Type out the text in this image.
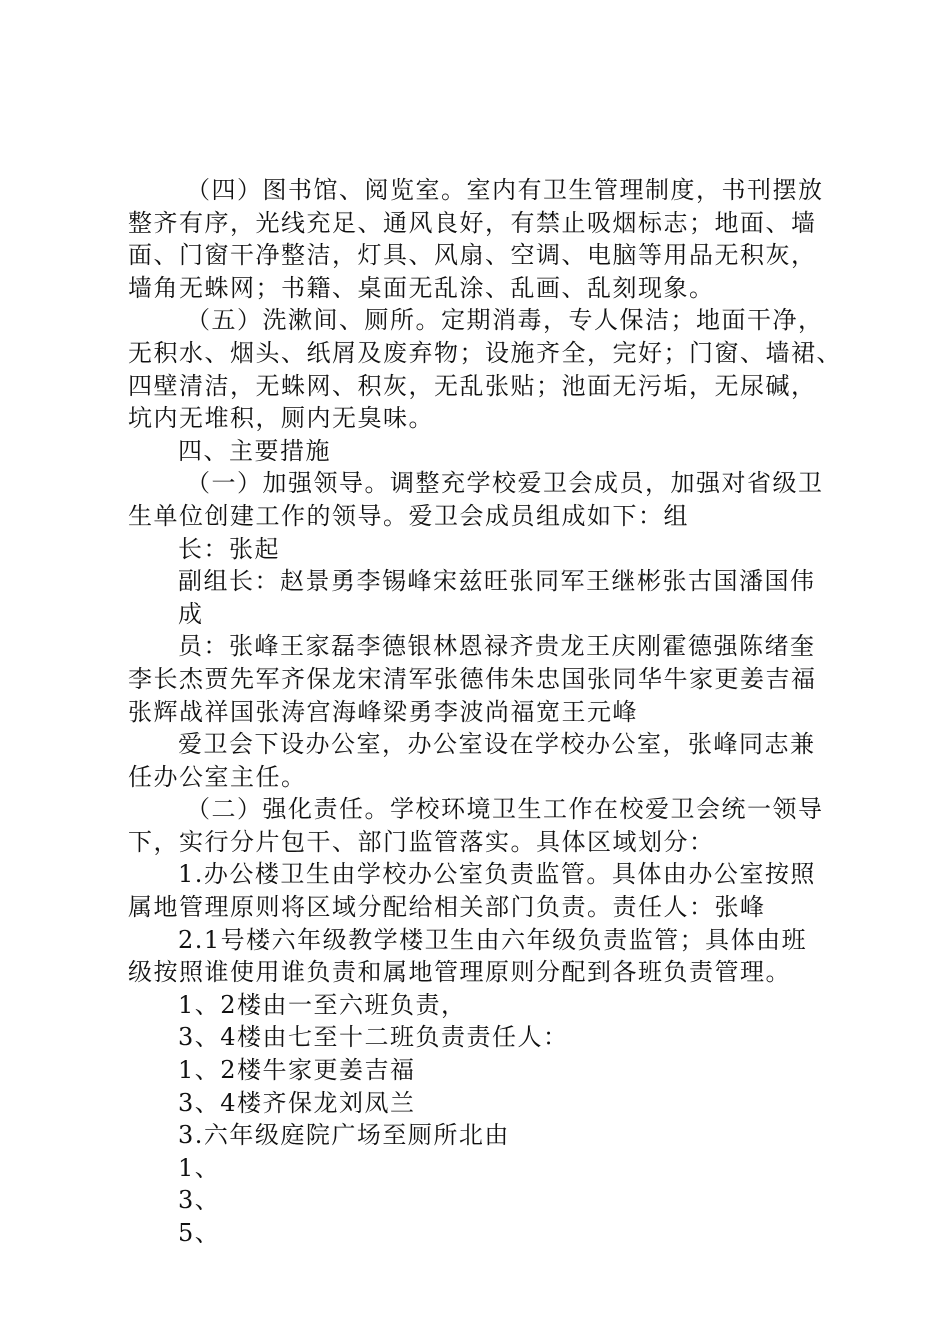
（四）图书馆、阅览室。室内有卫生管理制度，书刊摆放

整齐有序，光线充足、通风良好，有禁止吸烟标志；地面、墙

面、门窗干净整洁，灯具、风扇、空调、电脑等用品无积灰，

墙角无蛛网；书籍、桌面无乱涂、乱画、乱刻现象。

（五）洗漱间、厕所。定期消毒，专人保洁；地面干净，

无积水、烟头、纸屑及废弃物；设施齐全，完好；门窗、墙裙、

四壁清洁，无蛛网、积灰，无乱张贴；池面无污垢，无尿碱，

坑内无堆积，厕内无臭味。

四、主要措施

（一）加强领导。调整充学校爱卫会成员，加强对省级卫

生单位创建工作的领导。爱卫会成员组成如下：组

长：张起

副组长：赵景勇李锡峰宋兹旺张同军王继彬张古国潘国伟

成

员：张峰王家磊李德银林恩禄齐贵龙王庆刚霍德强陈绪奎

李长杰贾先军齐保龙宋清军张德伟朱忠国张同华牛家更姜吉福

张辉战祥国张涛宫海峰梁勇李波尚福宽王元峰

爱卫会下设办公室，办公室设在学校办公室，张峰同志兼

任办公室主任。

（二）强化责任。学校环境卫生工作在校爱卫会统一领导

下，实行分片包干、部门监管落实。具体区域划分：

1.办公楼卫生由学校办公室负责监管。具体由办公室按照

属地管理原则将区域分配给相关部门负责。责任人：张峰

2.1号楼六年级教学楼卫生由六年级负责监管；具体由班

级按照谁使用谁负责和属地管理原则分配到各班负责管理。

1、2楼由一至六班负责，

3、4楼由七至十二班负责责任人：

1、2楼牛家更姜吉福

3、4楼齐保龙刘凤兰

3.六年级庭院广场至厕所北由

1、

3、

5、
